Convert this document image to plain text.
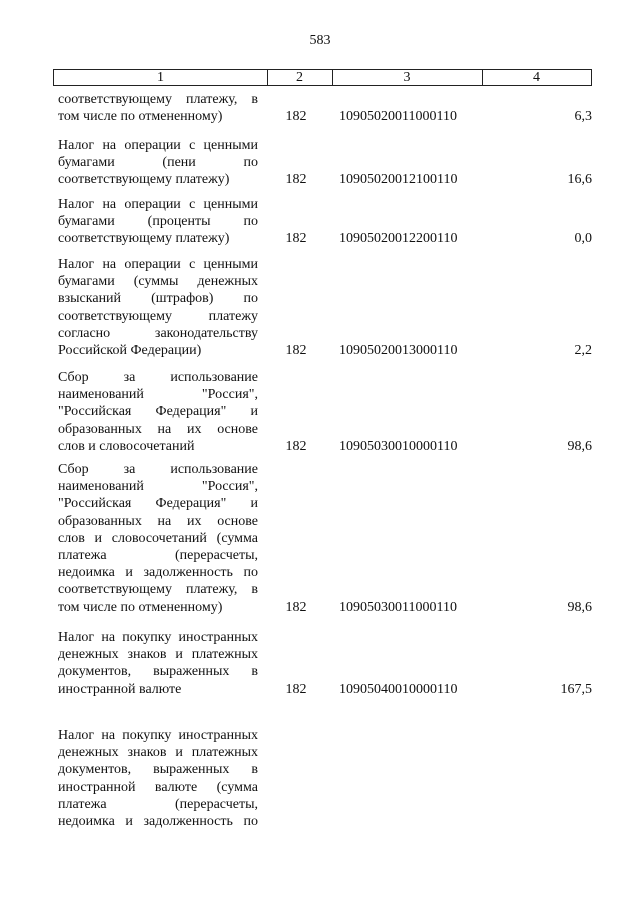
583
1	2	3	4
соответствующему платежу, в
том числе по отмененному)	182	10905020011000110	6,3
Налог на операции с ценными
бумагами (пени по
соответствующему платежу)	182	10905020012100110	16,6
Налог на операции с ценными
бумагами (проценты по
соответствующему платежу)	182	10905020012200110	0,0
Налог на операции с ценными
бумагами (суммы денежных
взысканий (штрафов) по
соответствующему платежу
согласно законодательству
Российской Федерации)	182	10905020013000110	2,2
Сбор за использование
наименований "Россия",
"Российская Федерация" и
образованных на их основе
слов и словосочетаний	182	10905030010000110	98,6
Сбор за использование
наименований "Россия",
"Российская Федерация" и
образованных на их основе
слов и словосочетаний (сумма
платежа (перерасчеты,
недоимка и задолженность по
соответствующему платежу, в
том числе по отмененному)	182	10905030011000110	98,6
Налог на покупку иностранных
денежных знаков и платежных
документов, выраженных в
иностранной валюте	182	10905040010000110	167,5
Налог на покупку иностранных
денежных знаков и платежных
документов, выраженных в
иностранной валюте (сумма
платежа (перерасчеты,
недоимка и задолженность по
